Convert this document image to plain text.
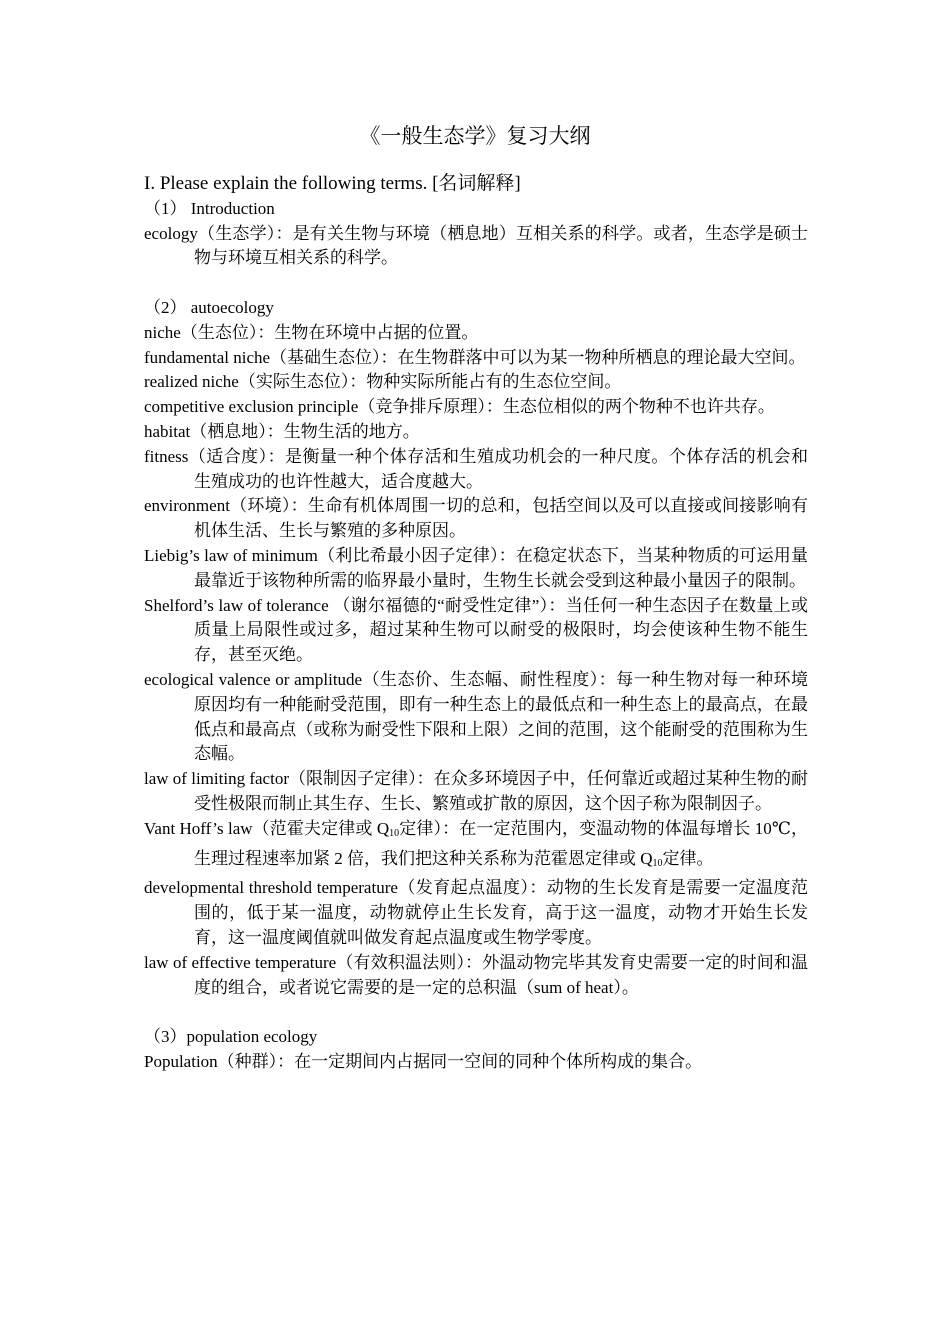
《一般生态学》复习大纲

I. Please explain the following terms. [名词解释]

（1） Introduction

ecology（生态学）：是有关生物与环境（栖息地）互相关系的科学。或者，生态学是硕士物与环境互相关系的科学。

（2） autoecology

niche（生态位）：生物在环境中占据的位置。

fundamental niche（基础生态位）：在生物群落中可以为某一物种所栖息的理论最大空间。

realized niche（实际生态位）：物种实际所能占有的生态位空间。

competitive exclusion principle（竞争排斥原理）：生态位相似的两个物种不也许共存。

habitat（栖息地）：生物生活的地方。

fitness（适合度）：是衡量一种个体存活和生殖成功机会的一种尺度。个体存活的机会和生殖成功的也许性越大，适合度越大。

environment（环境）：生命有机体周围一切的总和，包括空间以及可以直接或间接影响有机体生活、生长与繁殖的多种原因。

Liebig’s law of minimum（利比希最小因子定律）：在稳定状态下，当某种物质的可运用量最靠近于该物种所需的临界最小量时，生物生长就会受到这种最小量因子的限制。

Shelford’s law of tolerance （谢尔福德的“耐受性定律”）：当任何一种生态因子在数量上或质量上局限性或过多，超过某种生物可以耐受的极限时，均会使该种生物不能生存，甚至灭绝。

ecological valence or amplitude（生态价、生态幅、耐性程度）：每一种生物对每一种环境原因均有一种能耐受范围，即有一种生态上的最低点和一种生态上的最高点，在最低点和最高点（或称为耐受性下限和上限）之间的范围，这个能耐受的范围称为生态幅。

law of limiting factor（限制因子定律）：在众多环境因子中，任何靠近或超过某种生物的耐受性极限而制止其生存、生长、繁殖或扩散的原因，这个因子称为限制因子。

Vant Hoff’s law（范霍夫定律或 $Q_{10}$定律）：在一定范围内，变温动物的体温每增长 10℃，生理过程速率加紧 2 倍，我们把这种关系称为范霍恩定律或 $Q_{10}$定律。

developmental threshold temperature（发育起点温度）：动物的生长发育是需要一定温度范围的，低于某一温度，动物就停止生长发育，高于这一温度，动物才开始生长发育，这一温度阈值就叫做发育起点温度或生物学零度。

law of effective temperature（有效积温法则）：外温动物完毕其发育史需要一定的时间和温度的组合，或者说它需要的是一定的总积温（sum of heat）。

（3）population ecology

Population（种群）：在一定期间内占据同一空间的同种个体所构成的集合。
